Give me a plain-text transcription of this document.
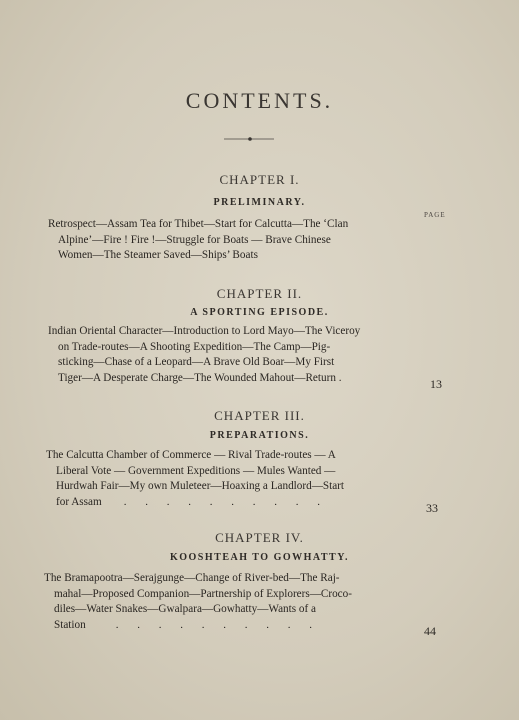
CONTENTS.
CHAPTER I.
PRELIMINARY.
PAGE
Retrospect—Assam Tea for Thibet—Start for Calcutta—The ‘Clan
Alpine’—Fire ! Fire !—Struggle for Boats — Brave Chinese
Women—The Steamer Saved—Ships’ Boats
CHAPTER II.
A SPORTING EPISODE.
Indian Oriental Character—Introduction to Lord Mayo—The Viceroy
on Trade-routes—A Shooting Expedition—The Camp—Pig-
sticking—Chase of a Leopard—A Brave Old Boar—My First
Tiger—A Desperate Charge—The Wounded Mahout—Return .	13
CHAPTER III.
PREPARATIONS.
The Calcutta Chamber of Commerce — Rival Trade-routes — A
Liberal Vote — Government Expeditions — Mules Wanted —
Hurdwah Fair—My own Muleteer—Hoaxing a Landlord—Start
for Assam . . . . . . . . . .	33
CHAPTER IV.
KOOSHTEAH TO GOWHATTY.
The Bramapootra—Serajgunge—Change of River-bed—The Raj-
mahal—Proposed Companion—Partnership of Explorers—Croco-
diles—Water Snakes—Gwalpara—Gowhatty—Wants of a
Station	. . . . . . . . . .	44
